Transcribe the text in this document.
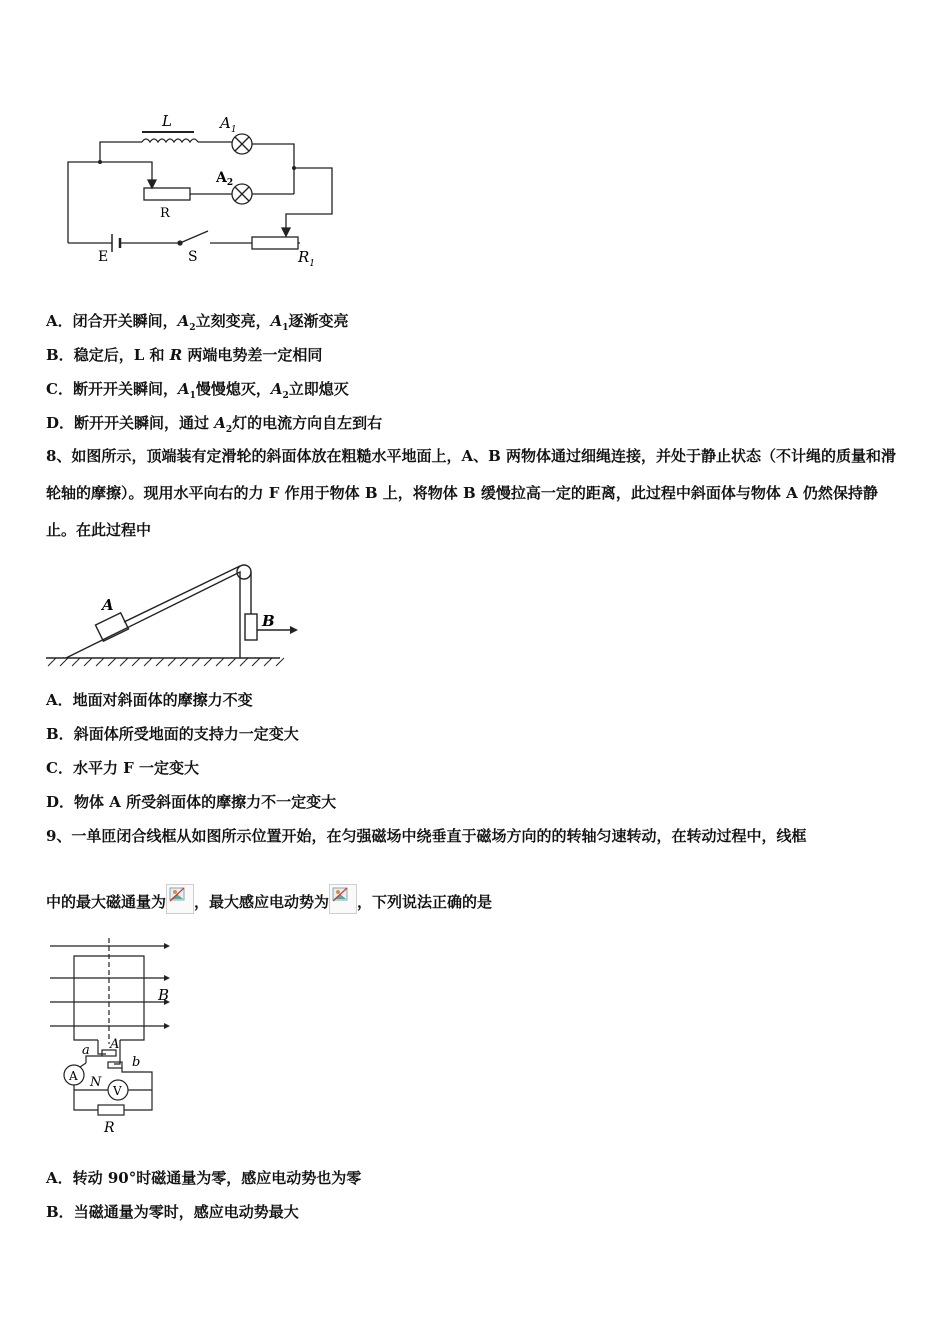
L	$A_1$
$A_2$
R
E	S	$R_1$
A．闭合开关瞬间，$A_2$立刻变亮，$A_1$逐渐变亮
B．稳定后，L 和 R 两端电势差一定相同
C．断开开关瞬间，$A_1$慢慢熄灭，$A_2$立即熄灭
D．断开开关瞬间，通过 $A_2$灯的电流方向自左到右
8、如图所示，顶端装有定滑轮的斜面体放在粗糙水平地面上，A、B 两物体通过细绳连接，并处于静止状态（不计绳的质量和滑轮轴的摩擦）。现用水平向右的力 F 作用于物体 B 上，将物体 B 缓慢拉高一定的距离，此过程中斜面体与物体 A 仍然保持静止。在此过程中
A
B
A．地面对斜面体的摩擦力不变
B．斜面体所受地面的支持力一定变大
C．水平力 F 一定变大
D．物体 A 所受斜面体的摩擦力不一定变大
9、一单匝闭合线框从如图所示位置开始，在匀强磁场中绕垂直于磁场方向的的转轴匀速转动，在转动过程中，线框
中的最大磁通量为 ，最大感应电动势为 ，下列说法正确的是
B
a
b
A
N
A
V
R
A．转动 90°时磁通量为零，感应电动势也为零
B．当磁通量为零时，感应电动势最大
